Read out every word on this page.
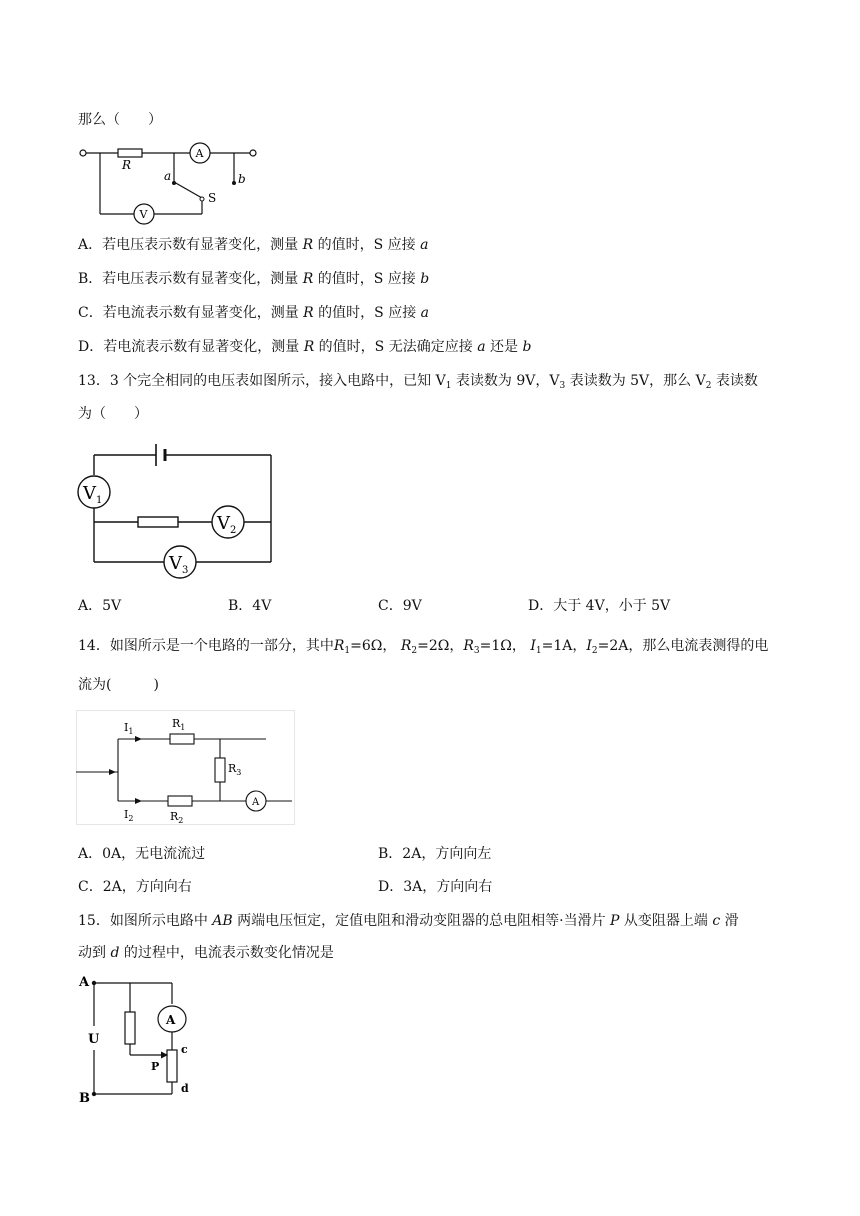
那么（　　）
R
A
V
a	b
S
A．若电压表示数有显著变化，测量 R 的值时，S 应接 a
B．若电压表示数有显著变化，测量 R 的值时，S 应接 b
C．若电流表示数有显著变化，测量 R 的值时，S 应接 a
D．若电流表示数有显著变化，测量 R 的值时，S 无法确定应接 a 还是 b
13．3 个完全相同的电压表如图所示，接入电路中，已知 $V_1$ 表读数为 9V，$V_3$ 表读数为 5V，那么 $V_2$ 表读数
为（　　）
$V_1$
$V_2$
$V_3$
A．5V	B．4V	C．9V	D．大于 4V，小于 5V
14．如图所示是一个电路的一部分，其中$R_1=6\Omega$， $R_2=2\Omega$，$R_3=1\Omega$， $I_1=1A$，$I_2=2A$，那么电流表测得的电
流为(　　　)
$I_1$
$I_2$
$R_1$
$R_2$
$R_3$
A
A．0A，无电流流过	B．2A，方向向左
C．2A，方向向右	D．3A，方向向右
15．如图所示电路中 AB 两端电压恒定，定值电阻和滑动变阻器的总电阻相等·当滑片 P 从变阻器上端 c 滑
动到 d 的过程中，电流表示数变化情况是
A
B
U
A
P
c
d
